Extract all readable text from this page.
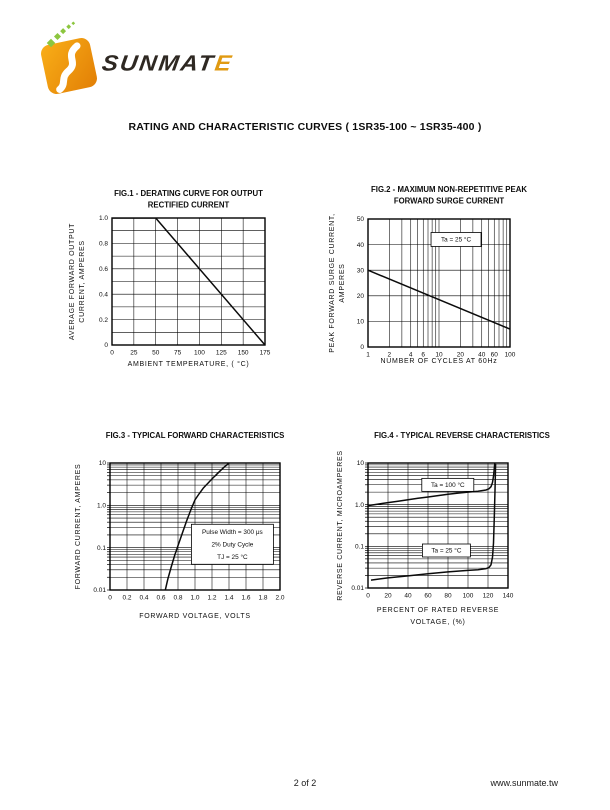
SUNMATE
RATING AND CHARACTERISTIC CURVES ( 1SR35-100 ~ 1SR35-400 )
0	25 50 75 100 125 150 175
0
0.2
0.4
0.6
0.8
1.0
FIG.1 - DERATING CURVE FOR OUTPUT
RECTIFIED CURRENT
AMBIENT TEMPERATURE, ( °C)
AVERAGE FORWARD OUTPUT CURRENT, AMPERES
1	2	4 6 10 20 40 60 100
0
10
20
30
40
50
FIG.2 - MAXIMUM NON-REPETITIVE PEAK
FORWARD SURGE CURRENT
NUMBER OF CYCLES AT 60Hz
PEAK FORWARD SURGE CURRENT, AMPERES
Ta = 25 °C
0 0.2 0.4 0.6 0.8 1.0 1.2 1.4 1.6 1.8 2.0
0.01
0.1
1.0
10
FIG.3 - TYPICAL FORWARD CHARACTERISTICS
FORWARD VOLTAGE, VOLTS
FORWARD CURRENT, AMPERES	Pulse Width = 300 μs
2% Duty Cycle
TJ = 25 °C
0 20 40 60 80 100 120 140
0.01
0.1
1.0
10
FIG.4 - TYPICAL REVERSE CHARACTERISTICS
PERCENT OF RATED REVERSE
VOLTAGE, (%)
REVERSE CURRENT, MICROAMPERES	Ta = 100 °C
Ta = 25 °C
2 of 2	www.sunmate.tw
